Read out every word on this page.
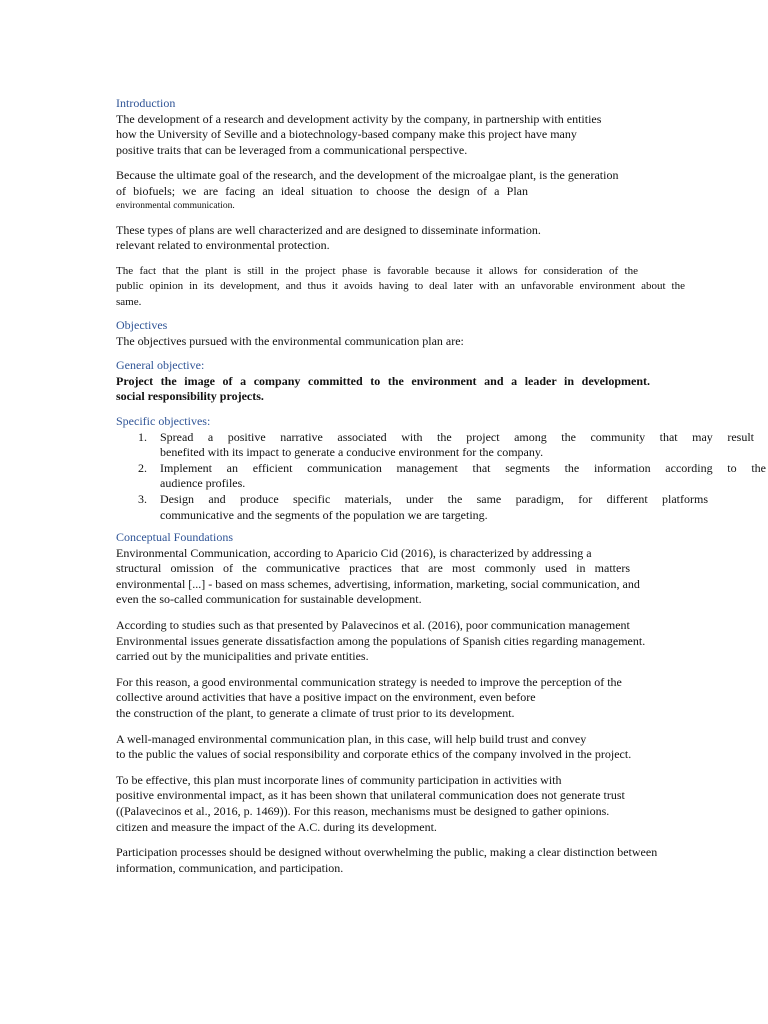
Introduction

The development of a research and development activity by the company, in partnership with entities
how the University of Seville and a biotechnology-based company make this project have many
positive traits that can be leveraged from a communicational perspective.
Because the ultimate goal of the research, and the development of the microalgae plant, is the generation
of biofuels; we are facing an ideal situation to choose the design of a Plan
environmental communication.
These types of plans are well characterized and are designed to disseminate information.
relevant related to environmental protection.
The fact that the plant is still in the project phase is favorable because it allows for consideration of the
public opinion in its development, and thus it avoids having to deal later with an unfavorable environment about the
same.

Objectives

The objectives pursued with the environmental communication plan are:

General objective:

Project the image of a company committed to the environment and a leader in development.
social responsibility projects.

Specific objectives:

1. Spread a positive narrative associated with the project among the community that may result
benefited with its impact to generate a conducive environment for the company.
2. Implement an efficient communication management that segments the information according to the
audience profiles.
3. Design and produce specific materials, under the same paradigm, for different platforms
communicative and the segments of the population we are targeting.

Conceptual Foundations

Environmental Communication, according to Aparicio Cid (2016), is characterized by addressing a
structural omission of the communicative practices that are most commonly used in matters
environmental [...] - based on mass schemes, advertising, information, marketing, social communication, and
even the so-called communication for sustainable development.
According to studies such as that presented by Palavecinos et al. (2016), poor communication management
Environmental issues generate dissatisfaction among the populations of Spanish cities regarding management.
carried out by the municipalities and private entities.
For this reason, a good environmental communication strategy is needed to improve the perception of the
collective around activities that have a positive impact on the environment, even before
the construction of the plant, to generate a climate of trust prior to its development.
A well-managed environmental communication plan, in this case, will help build trust and convey
to the public the values of social responsibility and corporate ethics of the company involved in the project.
To be effective, this plan must incorporate lines of community participation in activities with
positive environmental impact, as it has been shown that unilateral communication does not generate trust
((Palavecinos et al., 2016, p. 1469)). For this reason, mechanisms must be designed to gather opinions.
citizen and measure the impact of the A.C. during its development.
Participation processes should be designed without overwhelming the public, making a clear distinction between
information, communication, and participation.
